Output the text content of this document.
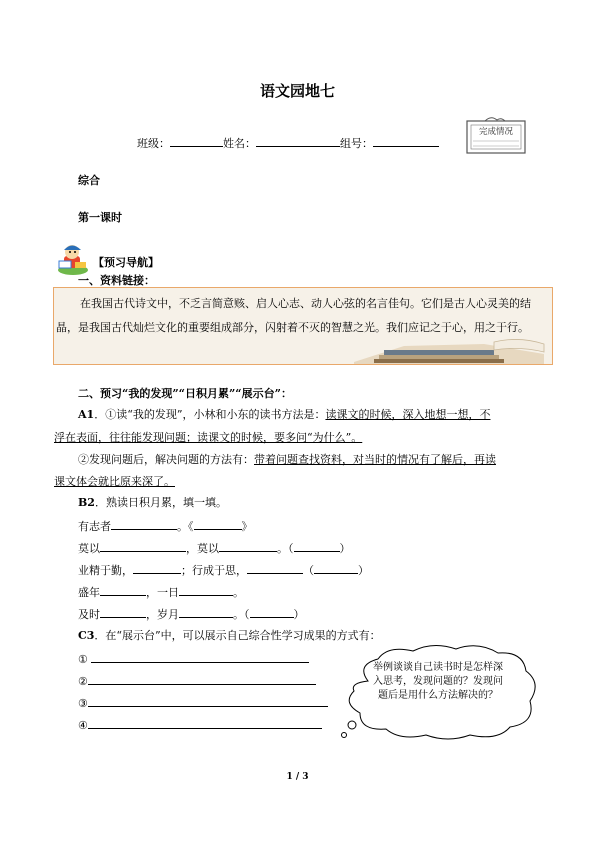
语文园地七
班级：	姓名：	组号：
完成情况
综合
第一课时
【预习导航】
一、资料链接：
在我国古代诗文中，不乏言简意赅、启人心志、动人心弦的名言佳句。它们是古人心灵美的结晶，是我国古代灿烂文化的重要组成部分，闪射着不灭的智慧之光。我们应记之于心，用之于行。
二、预习“我的发现”“日积月累”“展示台”：
A1．①读“我的发现”，小林和小东的读书方法是：读课文的时候，深入地想一想，不
浮在表面，往往能发现问题；读课文的时候，要多问“为什么”。
②发现问题后，解决问题的方法有：带着问题查找资料，对当时的情况有了解后，再读
课文体会就比原来深了。
B2．熟读日积月累，填一填。
有志者	。《	》
莫以	，莫以	。（	）
业精于勤，	；行成于思，	（	）
盛年	，一日	。
及时	，岁月	。（	）
C3．在“展示台”中，可以展示自己综合性学习成果的方式有：
①
②
③
④
举例谈谈自己读书时是怎样深入思考，发现问题的？发现问题后是用什么方法解决的？
1 / 3
